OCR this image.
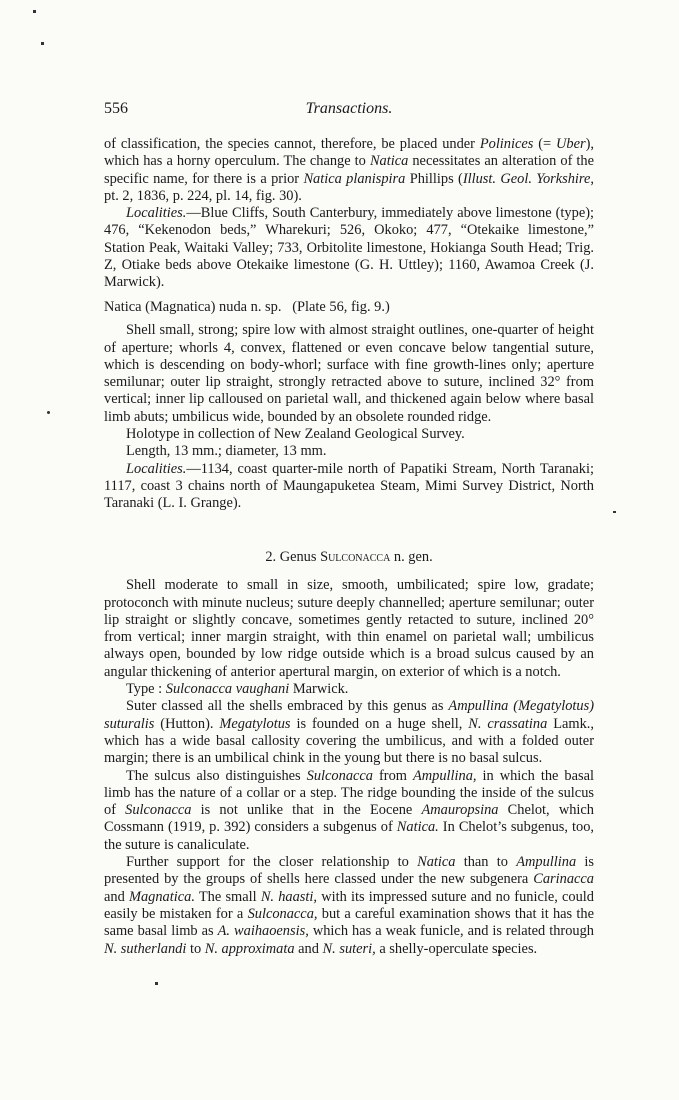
556	Transactions.

of classification, the species cannot, therefore, be placed under Polinices (= Uber), which has a horny operculum. The change to Natica necessitates an alteration of the specific name, for there is a prior Natica planispira Phillips (Illust. Geol. Yorkshire, pt. 2, 1836, p. 224, pl. 14, fig. 30).

Localities.—Blue Cliffs, South Canterbury, immediately above limestone (type); 476, “Kekenodon beds,” Wharekuri; 526, Okoko; 477, “Otekaike limestone,” Station Peak, Waitaki Valley; 733, Orbitolite limestone, Hokianga South Head; Trig. Z, Otiake beds above Otekaike limestone (G. H. Uttley); 1160, Awamoa Creek (J. Marwick).

Natica (Magnatica) nuda n. sp. (Plate 56, fig. 9.)

Shell small, strong; spire low with almost straight outlines, one-quarter of height of aperture; whorls 4, convex, flattened or even concave below tangential suture, which is descending on body-whorl; surface with fine growth-lines only; aperture semilunar; outer lip straight, strongly retracted above to suture, inclined 32° from vertical; inner lip calloused on parietal wall, and thickened again below where basal limb abuts; umbilicus wide, bounded by an obsolete rounded ridge.

Holotype in collection of New Zealand Geological Survey.

Length, 13 mm.; diameter, 13 mm.

Localities.—1134, coast quarter-mile north of Papatiki Stream, North Taranaki; 1117, coast 3 chains north of Maungapuketea Steam, Mimi Survey District, North Taranaki (L. I. Grange).

2. Genus Sulconacca n. gen.

Shell moderate to small in size, smooth, umbilicated; spire low, gradate; protoconch with minute nucleus; suture deeply channelled; aperture semilunar; outer lip straight or slightly concave, sometimes gently retacted to suture, inclined 20° from vertical; inner margin straight, with thin enamel on parietal wall; umbilicus always open, bounded by low ridge outside which is a broad sulcus caused by an angular thickening of anterior apertural margin, on exterior of which is a notch.

Type : Sulconacca vaughani Marwick.

Suter classed all the shells embraced by this genus as Ampullina (Megatylotus) suturalis (Hutton). Megatylotus is founded on a huge shell, N. crassatina Lamk., which has a wide basal callosity covering the umbilicus, and with a folded outer margin; there is an umbilical chink in the young but there is no basal sulcus.

The sulcus also distinguishes Sulconacca from Ampullina, in which the basal limb has the nature of a collar or a step. The ridge bounding the inside of the sulcus of Sulconacca is not unlike that in the Eocene Amauropsina Chelot, which Cossmann (1919, p. 392) considers a subgenus of Natica. In Chelot’s subgenus, too, the suture is canaliculate.

Further support for the closer relationship to Natica than to Ampullina is presented by the groups of shells here classed under the new subgenera Carinacca and Magnatica. The small N. haasti, with its impressed suture and no funicle, could easily be mistaken for a Sulconacca, but a careful examination shows that it has the same basal limb as A. waihaoensis, which has a weak funicle, and is related through N. sutherlandi to N. approximata and N. suteri, a shelly-operculate species.
